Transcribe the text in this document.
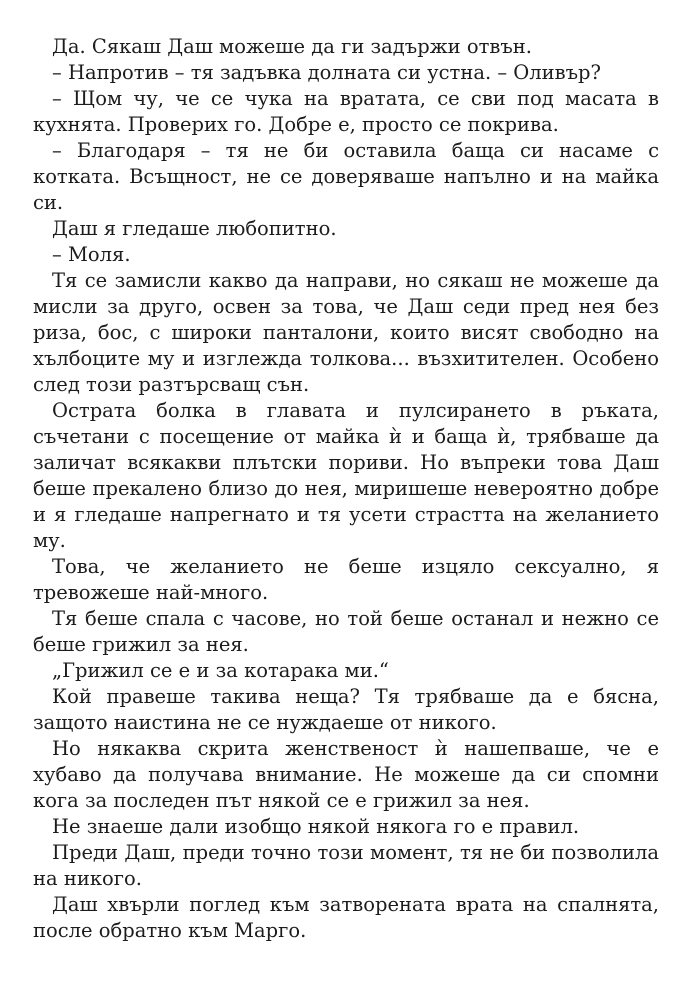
Да. Сякаш Даш можеше да ги задържи отвън.

– Напротив – тя задъвка долната си устна. – Оливър?

– Щом чу, че се чука на вратата, се сви под масата в кухнята. Проверих го. Добре е, просто се покрива.

– Благодаря – тя не би оставила баща си насаме с котката. Всъщност, не се доверяваше напълно и на майка си.

Даш я гледаше любопитно.

– Моля.

Тя се замисли какво да направи, но сякаш не можеше да мисли за друго, освен за това, че Даш седи пред нея без риза, бос, с широки панталони, които висят свободно на хълбоците му и изглежда толкова... възхитителен. Особено след този разтърсващ сън.

Острата болка в главата и пулсирането в ръката, съчетани с посещение от майка ѝ и баща ѝ, трябваше да заличат всякакви плътски пориви. Но въпреки това Даш беше прекалено близо до нея, миришеше невероятно добре и я гледаше напрегнато и тя усети страстта на желанието му.

Това, че желанието не беше изцяло сексуално, я тревожеше най-много.

Тя беше спала с часове, но той беше останал и нежно се беше грижил за нея.

„Грижил се е и за котарака ми.“

Кой правеше такива неща? Тя трябваше да е бясна, защото наистина не се нуждаеше от никого.

Но някаква скрита женственост ѝ нашепваше, че е хубаво да получава внимание. Не можеше да си спомни кога за последен път някой се е грижил за нея.

Не знаеше дали изобщо някой някога го е правил.

Преди Даш, преди точно този момент, тя не би позволила на никого.

Даш хвърли поглед към затворената врата на спалнята, после обратно към Марго.
